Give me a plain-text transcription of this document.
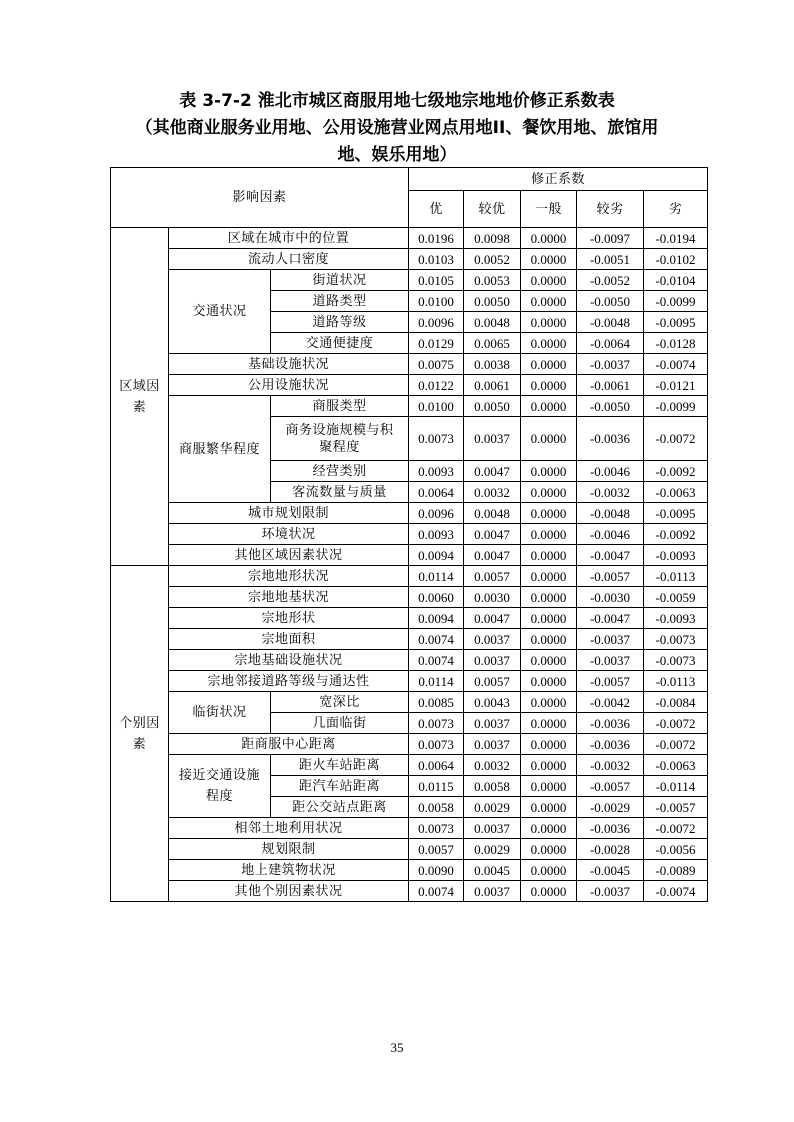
表 3-7-2 淮北市城区商服用地七级地宗地地价修正系数表
（其他商业服务业用地、公用设施营业网点用地II、餐饮用地、旅馆用
地、娱乐用地）
影响因素			修正系数				
			优	较优	一般	较劣	劣
区域因素	区域在城市中的位置		0.0196	0.0098	0.0000	-0.0097	-0.0194
	流动人口密度		0.0103	0.0052	0.0000	-0.0051	-0.0102
	交通状况	街道状况	0.0105	0.0053	0.0000	-0.0052	-0.0104
		道路类型	0.0100	0.0050	0.0000	-0.0050	-0.0099
		道路等级	0.0096	0.0048	0.0000	-0.0048	-0.0095
		交通便捷度	0.0129	0.0065	0.0000	-0.0064	-0.0128
	基础设施状况		0.0075	0.0038	0.0000	-0.0037	-0.0074
	公用设施状况		0.0122	0.0061	0.0000	-0.0061	-0.0121
	商服繁华程度	商服类型	0.0100	0.0050	0.0000	-0.0050	-0.0099
		商务设施规模与积聚程度	0.0073	0.0037	0.0000	-0.0036	-0.0072
		经营类别	0.0093	0.0047	0.0000	-0.0046	-0.0092
		客流数量与质量	0.0064	0.0032	0.0000	-0.0032	-0.0063
	城市规划限制		0.0096	0.0048	0.0000	-0.0048	-0.0095
	环境状况		0.0093	0.0047	0.0000	-0.0046	-0.0092
	其他区域因素状况		0.0094	0.0047	0.0000	-0.0047	-0.0093
个别因素	宗地地形状况		0.0114	0.0057	0.0000	-0.0057	-0.0113
	宗地地基状况		0.0060	0.0030	0.0000	-0.0030	-0.0059
	宗地形状		0.0094	0.0047	0.0000	-0.0047	-0.0093
	宗地面积		0.0074	0.0037	0.0000	-0.0037	-0.0073
	宗地基础设施状况		0.0074	0.0037	0.0000	-0.0037	-0.0073
	宗地邻接道路等级与通达性		0.0114	0.0057	0.0000	-0.0057	-0.0113
	临街状况	宽深比	0.0085	0.0043	0.0000	-0.0042	-0.0084
		几面临街	0.0073	0.0037	0.0000	-0.0036	-0.0072
	距商服中心距离		0.0073	0.0037	0.0000	-0.0036	-0.0072
	接近交通设施程度	距火车站距离	0.0064	0.0032	0.0000	-0.0032	-0.0063
		距汽车站距离	0.0115	0.0058	0.0000	-0.0057	-0.0114
		距公交站点距离	0.0058	0.0029	0.0000	-0.0029	-0.0057
	相邻土地利用状况		0.0073	0.0037	0.0000	-0.0036	-0.0072
	规划限制		0.0057	0.0029	0.0000	-0.0028	-0.0056
	地上建筑物状况		0.0090	0.0045	0.0000	-0.0045	-0.0089
	其他个别因素状况		0.0074	0.0037	0.0000	-0.0037	-0.0074
35
